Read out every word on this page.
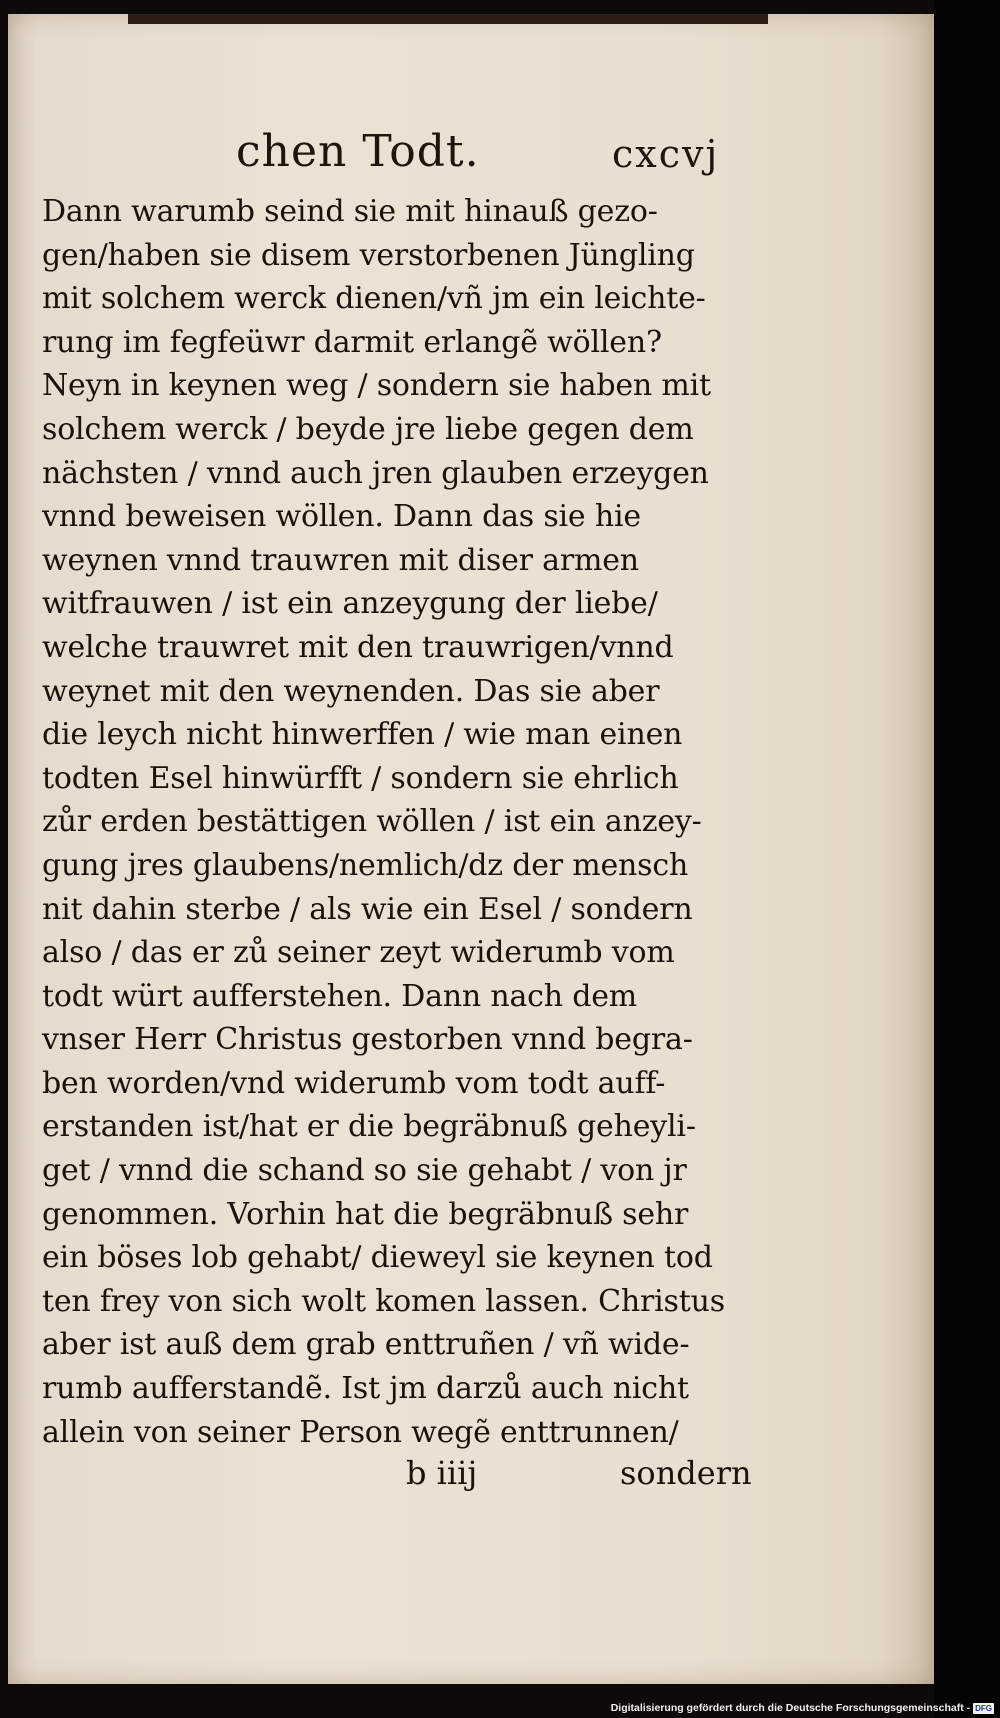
chen Todt.	cxcvj
Dann warumb seind sie mit hinauß gezo-
gen/haben sie disem verstorbenen Jüngling
mit solchem werck dienen/vñ jm ein leichte-
rung im fegfeüwr darmit erlangẽ wöllen?
Neyn in keynen weg / sondern sie haben mit
solchem werck / beyde jre liebe gegen dem
nächsten / vnnd auch jren glauben erzeygen
vnnd beweisen wöllen. Dann das sie hie
weynen vnnd trauwren mit diser armen
witfrauwen / ist ein anzeygung der liebe/
welche trauwret mit den trauwrigen/vnnd
weynet mit den weynenden. Das sie aber
die leych nicht hinwerffen / wie man einen
todten Esel hinwürfft / sondern sie ehrlich
zůr erden bestättigen wöllen / ist ein anzey-
gung jres glaubens/nemlich/dz der mensch
nit dahin sterbe / als wie ein Esel / sondern
also / das er zů seiner zeyt widerumb vom
todt würt aufferstehen. Dann nach dem
vnser Herr Christus gestorben vnnd begra-
ben worden/vnd widerumb vom todt auff-
erstanden ist/hat er die begräbnuß geheyli-
get / vnnd die schand so sie gehabt / von jr
genommen. Vorhin hat die begräbnuß sehr
ein böses lob gehabt/ dieweyl sie keynen tod
ten frey von sich wolt komen lassen. Christus
aber ist auß dem grab enttruñen / vñ wide-
rumb aufferstandẽ. Ist jm darzů auch nicht
allein von seiner Person wegẽ enttrunnen/
b iiij	sondern
Digitalisierung gefördert durch die Deutsche Forschungsgemeinschaft - DFG
